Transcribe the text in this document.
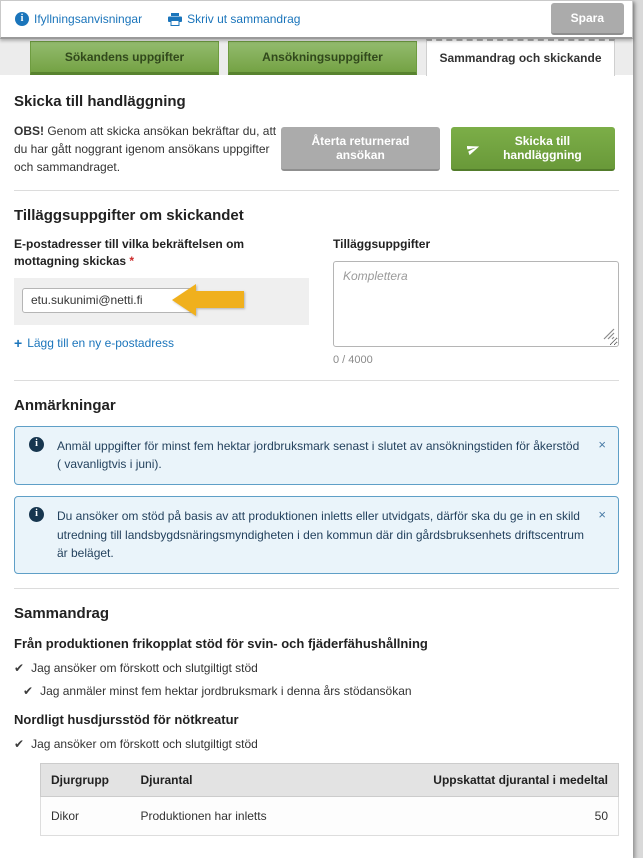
i Ifyllningsanvisningar	Skriv ut sammandrag	Spara
Sökandens uppgifter	Ansökningsuppgifter	Sammandrag och skickande
Skicka till handläggning

OBS! Genom att skicka ansökan bekräftar du, att du har gått noggrant igenom ansökans uppgifter och sammandraget.

Återta returnerad ansökan
Skicka till handläggning
Tilläggsuppgifter om skickandet
E-postadresser till vilka bekräftelsen om mottagning skickas *
etu.sukunimi@netti.fi
+ Lägg till en ny e-postadress
Tilläggsuppgifter
Komplettera
0 / 4000
Anmärkningar
i	Anmäl uppgifter för minst fem hektar jordbruksmark senast i slutet av ansökningstiden för åkerstöd ( vavanligtvis i juni).
×
i	Du ansöker om stöd på basis av att produktionen inletts eller utvidgats, därför ska du ge in en skild utredning till landsbygdsnäringsmyndigheten i den kommun där din gårdsbruksenhets driftscentrum är beläget.
×
Sammandrag
Från produktionen frikopplat stöd för svin- och fjäderfähushållning
✔ Jag ansöker om förskott och slutgiltigt stöd
✔ Jag anmäler minst fem hektar jordbruksmark i denna års stödansökan
Nordligt husdjursstöd för nötkreatur
✔ Jag ansöker om förskott och slutgiltigt stöd
Djurgrupp	Djurantal	Uppskattat djurantal i medeltal
Dikor	Produktionen har inletts	50
